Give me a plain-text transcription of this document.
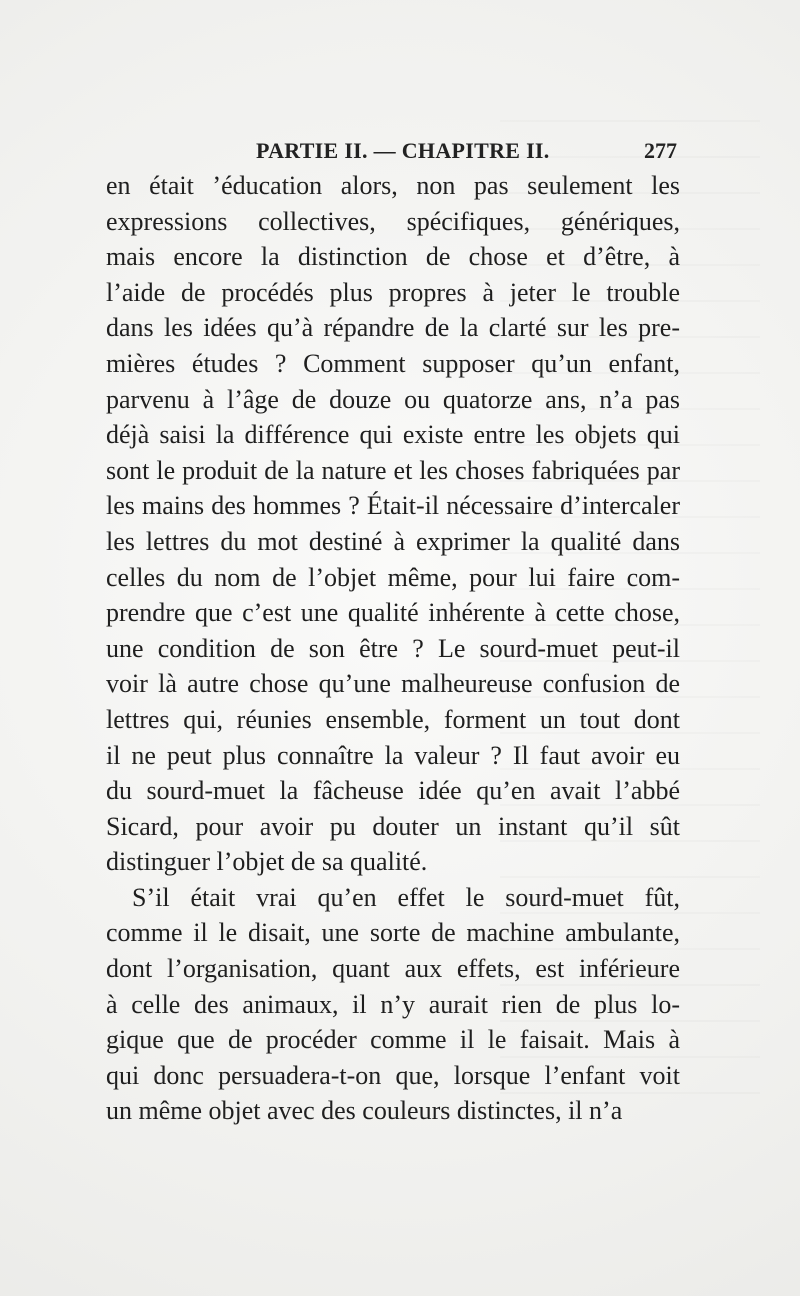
PARTIE II. — CHAPITRE II.	277
en était ’éducation alors, non pas seulement les
expressions collectives, spécifiques, génériques,
mais encore la distinction de chose et d’être, à
l’aide de procédés plus propres à jeter le trouble
dans les idées qu’à répandre de la clarté sur les pre-
mières études ? Comment supposer qu’un enfant,
parvenu à l’âge de douze ou quatorze ans, n’a pas
déjà saisi la différence qui existe entre les objets qui
sont le produit de la nature et les choses fabriquées par
les mains des hommes ? Était-il nécessaire d’intercaler
les lettres du mot destiné à exprimer la qualité dans
celles du nom de l’objet même, pour lui faire com-
prendre que c’est une qualité inhérente à cette chose,
une condition de son être ? Le sourd-muet peut-il
voir là autre chose qu’une malheureuse confusion de
lettres qui, réunies ensemble, forment un tout dont
il ne peut plus connaître la valeur ? Il faut avoir eu
du sourd-muet la fâcheuse idée qu’en avait l’abbé
Sicard, pour avoir pu douter un instant qu’il sût
distinguer l’objet de sa qualité.
S’il était vrai qu’en effet le sourd-muet fût,
comme il le disait, une sorte de machine ambulante,
dont l’organisation, quant aux effets, est inférieure
à celle des animaux, il n’y aurait rien de plus lo-
gique que de procéder comme il le faisait. Mais à
qui donc persuadera-t-on que, lorsque l’enfant voit
un même objet avec des couleurs distinctes, il n’a
